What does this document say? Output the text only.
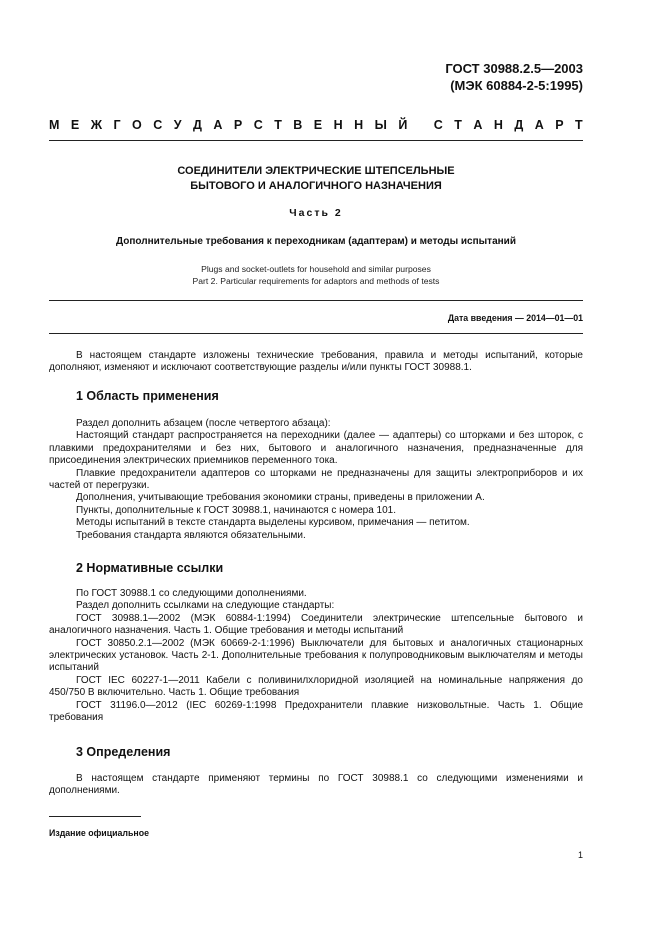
ГОСТ 30988.2.5—2003
(МЭК 60884-2-5:1995)
М Е Ж Г О С У Д А Р С Т В Е Н Н Ы Й
С Т А Н Д А Р Т
СОЕДИНИТЕЛИ ЭЛЕКТРИЧЕСКИЕ ШТЕПСЕЛЬНЫЕ
БЫТОВОГО И АНАЛОГИЧНОГО НАЗНАЧЕНИЯ
Часть 2
Дополнительные требования к переходникам (адаптерам) и методы испытаний
Plugs and socket-outlets for household and similar purposes
Part 2. Particular requirements for adaptors and methods of tests
Дата введения — 2014—01—01

В настоящем стандарте изложены технические требования, правила и методы испытаний, которые дополняют, изменяют и исключают соответствующие разделы и/или пункты ГОСТ 30988.1.

1 Область применения

Раздел дополнить абзацем (после четвертого абзаца):

Настоящий стандарт распространяется на переходники (далее — адаптеры) со шторками и без шторок, с плавкими предохранителями и без них, бытового и аналогичного назначения, предназначенные для присоединения электрических приемников переменного тока.

Плавкие предохранители адаптеров со шторками не предназначены для защиты электроприборов и их частей от перегрузки.

Дополнения, учитывающие требования экономики страны, приведены в приложении А.

Пункты, дополнительные к ГОСТ 30988.1, начинаются с номера 101.

Методы испытаний в тексте стандарта выделены курсивом, примечания — петитом.

Требования стандарта являются обязательными.

2 Нормативные ссылки

По ГОСТ 30988.1 со следующими дополнениями.

Раздел дополнить ссылками на следующие стандарты:

ГОСТ 30988.1—2002 (МЭК 60884-1:1994) Соединители электрические штепсельные бытового и аналогичного назначения. Часть 1. Общие требования и методы испытаний

ГОСТ 30850.2.1—2002 (МЭК 60669-2-1:1996) Выключатели для бытовых и аналогичных стационарных электрических установок. Часть 2-1. Дополнительные требования к полупроводниковым выключателям и методы испытаний

ГОСТ IEC 60227-1—2011 Кабели с поливинилхлоридной изоляцией на номинальные напряжения до 450/750 В включительно. Часть 1. Общие требования

ГОСТ 31196.0—2012 (IEC 60269-1:1998 Предохранители плавкие низковольтные. Часть 1. Общие требования

3 Определения

В настоящем стандарте применяют термины по ГОСТ 30988.1 со следующими изменениями и дополнениями.

Издание официальное
1
